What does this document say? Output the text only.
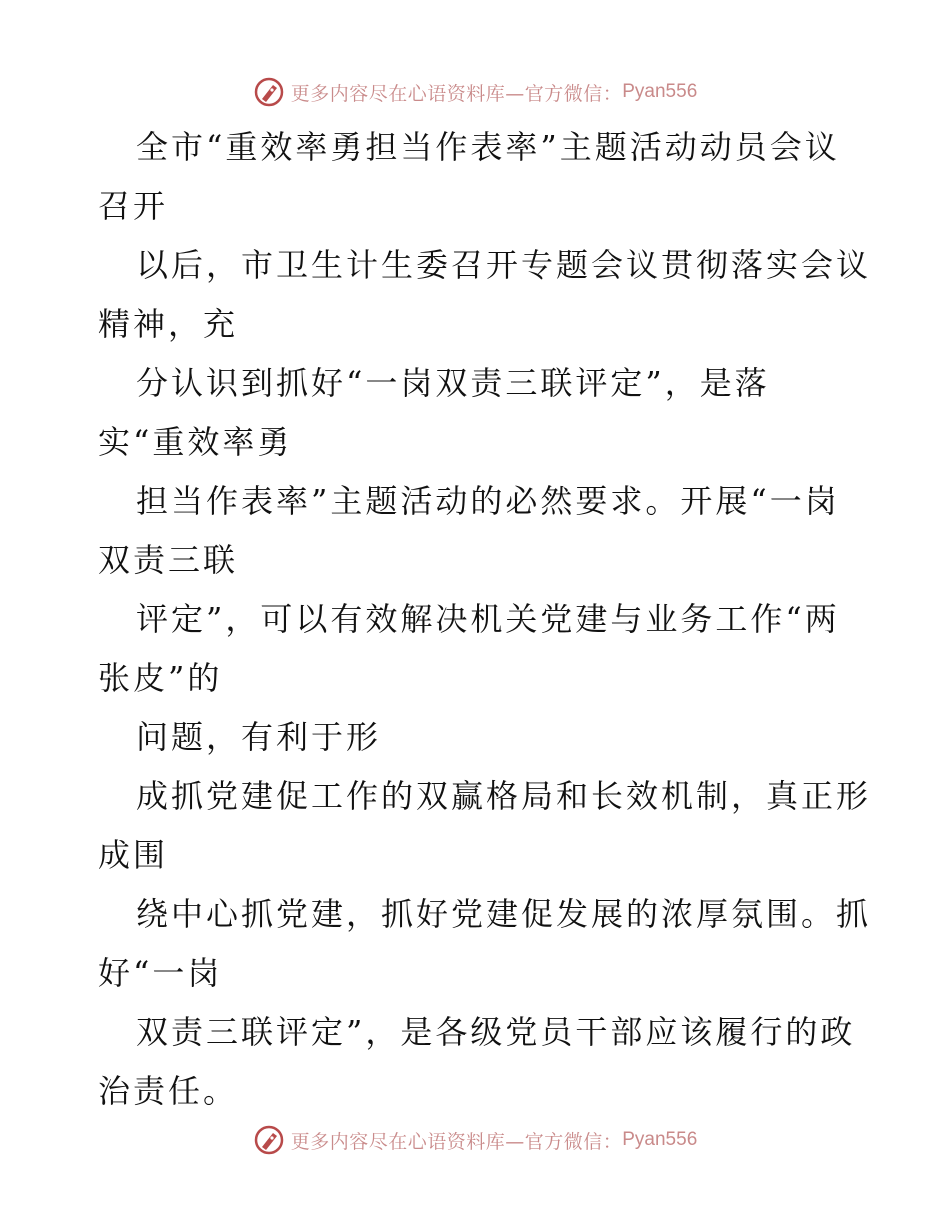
更多内容尽在心语资料库—官方微信： Pyan556

全市“重效率勇担当作表率”主题活动动员会议
召开

以后，市卫生计生委召开专题会议贯彻落实会议
精神，充

分认识到抓好“一岗双责三联评定”，是落
实“重效率勇

担当作表率”主题活动的必然要求。开展“一岗
双责三联

评定”，可以有效解决机关党建与业务工作“两
张皮”的

问题，有利于形

成抓党建促工作的双赢格局和长效机制，真正形
成围

绕中心抓党建，抓好党建促发展的浓厚氛围。抓
好“一岗

双责三联评定”，是各级党员干部应该履行的政
治责任。

更多内容尽在心语资料库—官方微信： Pyan556
